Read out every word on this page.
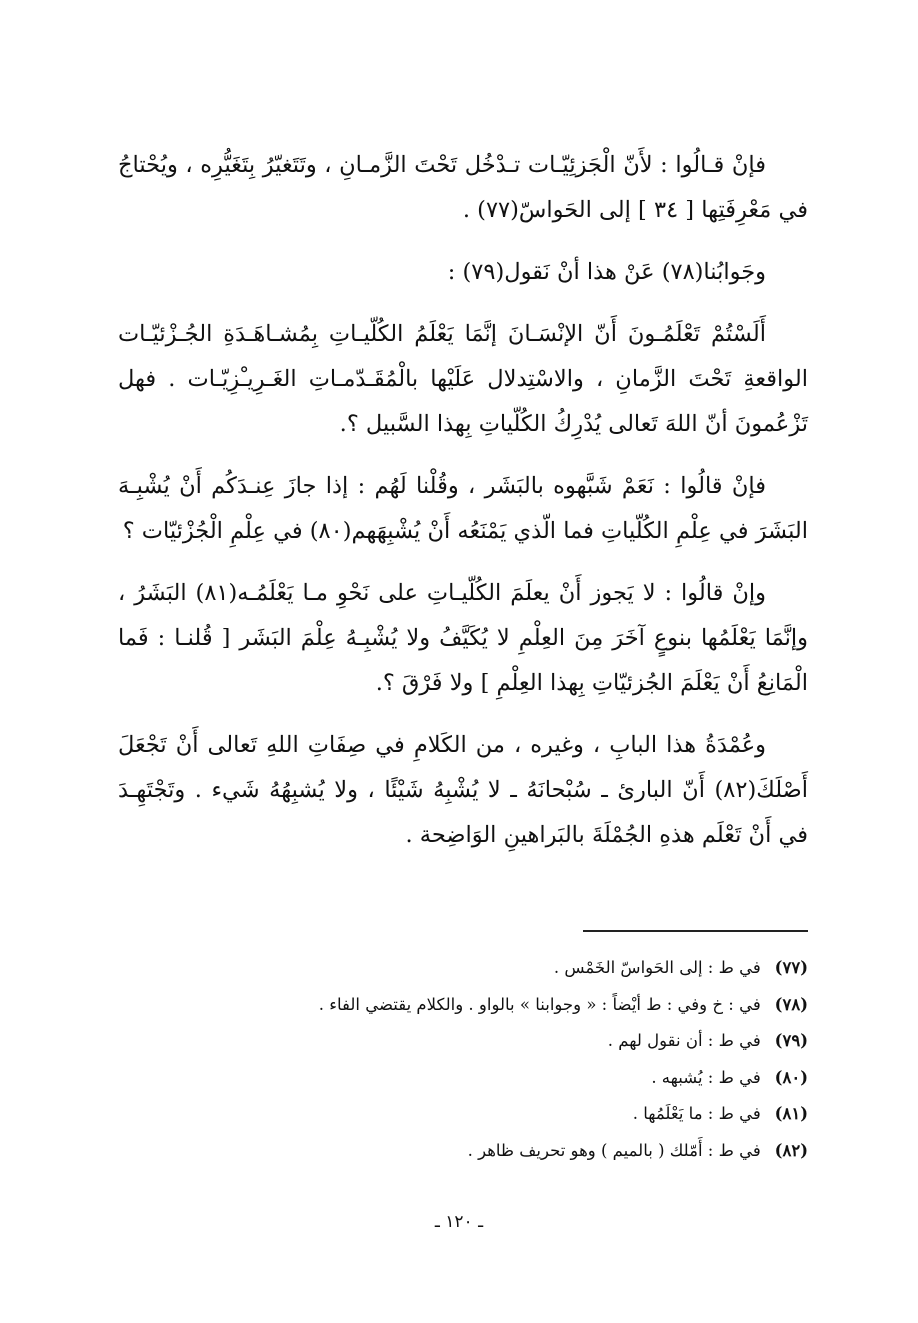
فإنْ قـالُوا : لأَنّ الْجَزئِيّـات تـدْخُل تَحْتَ الزَّمـانِ ، وتَتَغيّرُ بِتَغَيُّرِه ، ويُحْتاجُ في مَعْرِفَتِها [ ٣٤ ] إلى الحَواسّ(٧٧) .

وجَوابُنا(٧٨) عَنْ هذا أنْ نَقول(٧٩) :

أَلَسْتُمْ تَعْلَمُـونَ أَنّ الإنْسَـانَ إنَّمَا يَعْلَمُ الكُلّيـاتِ بِمُشـاهَـدَةِ الجُـزْئيّـات الواقعةِ تَحْتَ الزَّمانِ ، والاسْتِدلال عَلَيْها بالْمُقَـدّمـاتِ الغَـرِيـْزِيّـات . فهل تَزْعُمونَ أنّ اللهَ تَعالى يُدْرِكُ الكُلّياتِ بِهذا السَّبيل ؟.

فإنْ قالُوا : نَعَمْ شَبَّهوه بالبَشَر ، وقُلْنا لَهُم : إذا جازَ عِنـدَكُم أَنْ يُشْبِـهَ البَشَرَ في عِلْمِ الكُلّياتِ فما الّذي يَمْنَعُه أَنْ يُشْبِهَهم(٨٠) في عِلْمِ الْجُزْئيّات ؟

وإنْ قالُوا : لا يَجوز أَنْ يعلَمَ الكُلّيـاتِ على نَحْوِ مـا يَعْلَمُـه(٨١) البَشَرُ ، وإنَّمَا يَعْلَمُها بنوعٍ آخَرَ مِنَ العِلْمِ لا يُكَيَّفُ ولا يُشْبِـهُ عِلْمَ البَشَر [ قُلنـا : فَما الْمَانِعُ أَنْ يَعْلَمَ الجُزئيّاتِ بِهذا العِلْمِ ] ولا فَرْقَ ؟.

وعُمْدَةُ هذا البابِ ، وغيره ، من الكَلامِ في صِفَاتِ اللهِ تَعالى أَنْ تَجْعَلَ أَصْلَكَ(٨٢) أَنّ البارئ ـ سُبْحانَهُ ـ لا يُشْبِهُ شَيْئًا ، ولا يُشبِهُهُ شَيء . وتَجْتَهِـدَ في أَنْ تَعْلَم هذهِ الجُمْلَةَ بالبَراهينِ الوَاضِحة .

(٧٧) في ط : إلى الحَواسّ الخَمْس .
(٧٨) في : خ وفي : ط أيْضاً : « وجوابنا » بالواو . والكلام يقتضي الفاء .
(٧٩) في ط : أن نقول لهم .
(٨٠) في ط : يُشبهه .
(٨١) في ط : ما يَعْلَمُها .
(٨٢) في ط : أَمّلك ( بالميم ) وهو تحريف ظاهر .
ـ ١٢٠ ـ
